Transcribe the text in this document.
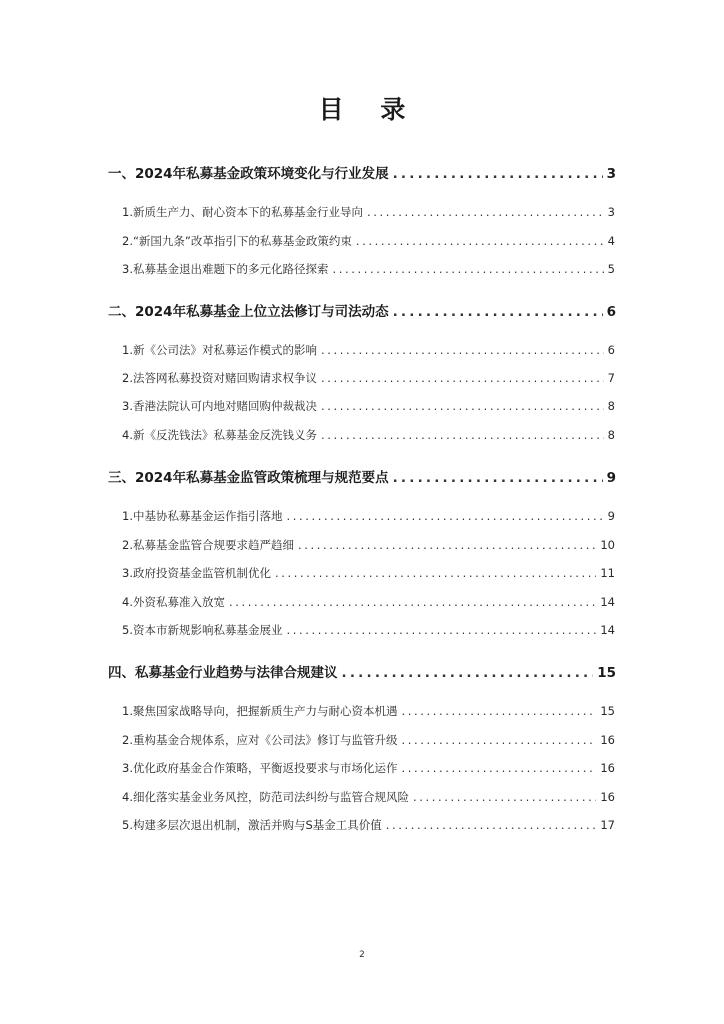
目 录
一、2024年私募基金政策环境变化与行业发展 .....	3
1.新质生产力、耐心资本下的私募基金行业导向 .....	3
2.“新国九条”改革指引下的私募基金政策约束 .....	4
3.私募基金退出难题下的多元化路径探索 .....	5
二、2024年私募基金上位立法修订与司法动态 .....	6
1.新《公司法》对私募运作模式的影响 .....	6
2.法答网私募投资对赌回购请求权争议 .....	7
3.香港法院认可内地对赌回购仲裁裁决 .....	8
4.新《反洗钱法》私募基金反洗钱义务 .....	8
三、2024年私募基金监管政策梳理与规范要点 .....	9
1.中基协私募基金运作指引落地 .....	9
2.私募基金监管合规要求趋严趋细 .....	10
3.政府投资基金监管机制优化 .....	11
4.外资私募准入放宽 .....	14
5.资本市新规影响私募基金展业 .....	14
四、私募基金行业趋势与法律合规建议 .....	15
1.聚焦国家战略导向，把握新质生产力与耐心资本机遇 .....	15
2.重构基金合规体系，应对《公司法》修订与监管升级 .....	16
3.优化政府基金合作策略，平衡返投要求与市场化运作 .....	16
4.细化落实基金业务风控，防范司法纠纷与监管合规风险 .....	16
5.构建多层次退出机制，激活并购与S基金工具价值 .....	17
2
